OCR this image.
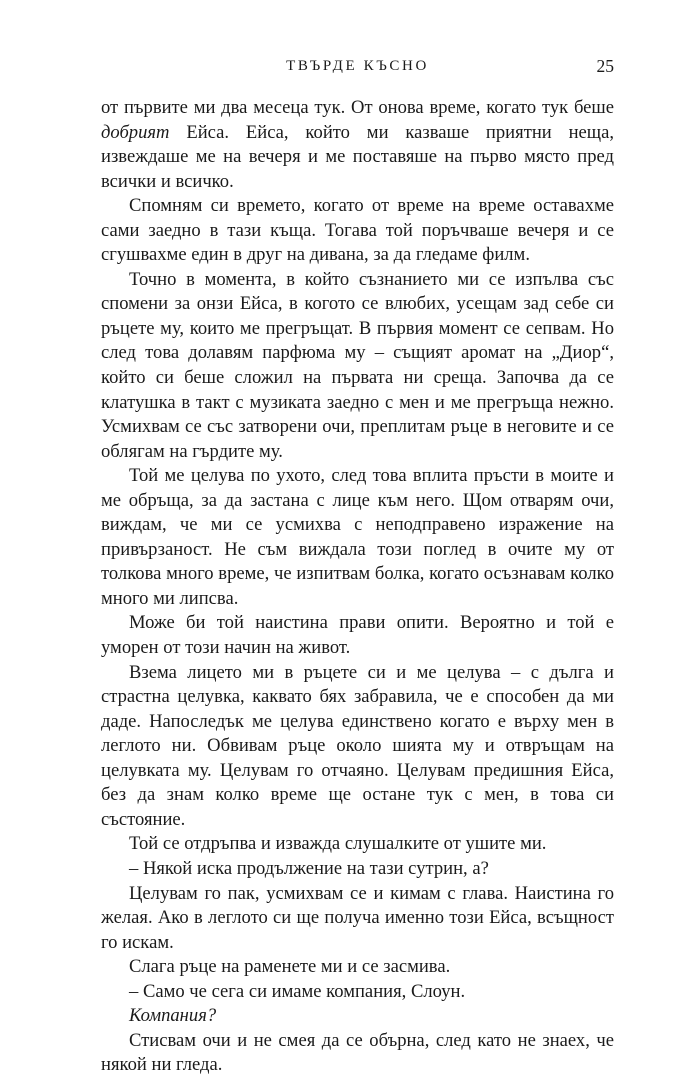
ТВЪРДЕ КЪСНО	25

от първите ми два месеца тук. От онова време, когато тук беше добрият Ейса. Ейса, който ми казваше приятни неща, извеждаше ме на вечеря и ме поставяше на първо място пред всички и всичко.

Спомням си времето, когато от време на време оставахме сами заедно в тази къща. Тогава той поръчваше вечеря и се сгушвахме един в друг на дивана, за да гледаме филм.

Точно в момента, в който съзнанието ми се изпълва със спомени за онзи Ейса, в когото се влюбих, усещам зад себе си ръцете му, които ме прегръщат. В първия момент се сепвам. Но след това долавям парфюма му – същият аромат на „Диор“, който си беше сложил на първата ни среща. Започва да се клатушка в такт с музиката заедно с мен и ме прегръща нежно. Усмихвам се със затворени очи, преплитам ръце в неговите и се облягам на гърдите му.

Той ме целува по ухото, след това вплита пръсти в моите и ме обръща, за да застана с лице към него. Щом отварям очи, виждам, че ми се усмихва с неподправено изражение на привързаност. Не съм виждала този поглед в очите му от толкова много време, че изпитвам болка, когато осъзнавам колко много ми липсва.

Може би той наистина прави опити. Вероятно и той е уморен от този начин на живот.

Взема лицето ми в ръцете си и ме целува – с дълга и страстна целувка, каквато бях забравила, че е способен да ми даде. Напоследък ме целува единствено когато е върху мен в леглото ни. Обвивам ръце около шията му и отвръщам на целувката му. Целувам го отчаяно. Целувам предишния Ейса, без да знам колко време ще остане тук с мен, в това си състояние.

Той се отдръпва и изважда слушалките от ушите ми.

– Някой иска продължение на тази сутрин, а?

Целувам го пак, усмихвам се и кимам с глава. Наистина го желая. Ако в леглото си ще получа именно този Ейса, всъщност го искам.

Слага ръце на раменете ми и се засмива.

– Само че сега си имаме компания, Слоун.

Компания?

Стисвам очи и не смея да се обърна, след като не знаех, че някой ни гледа.
